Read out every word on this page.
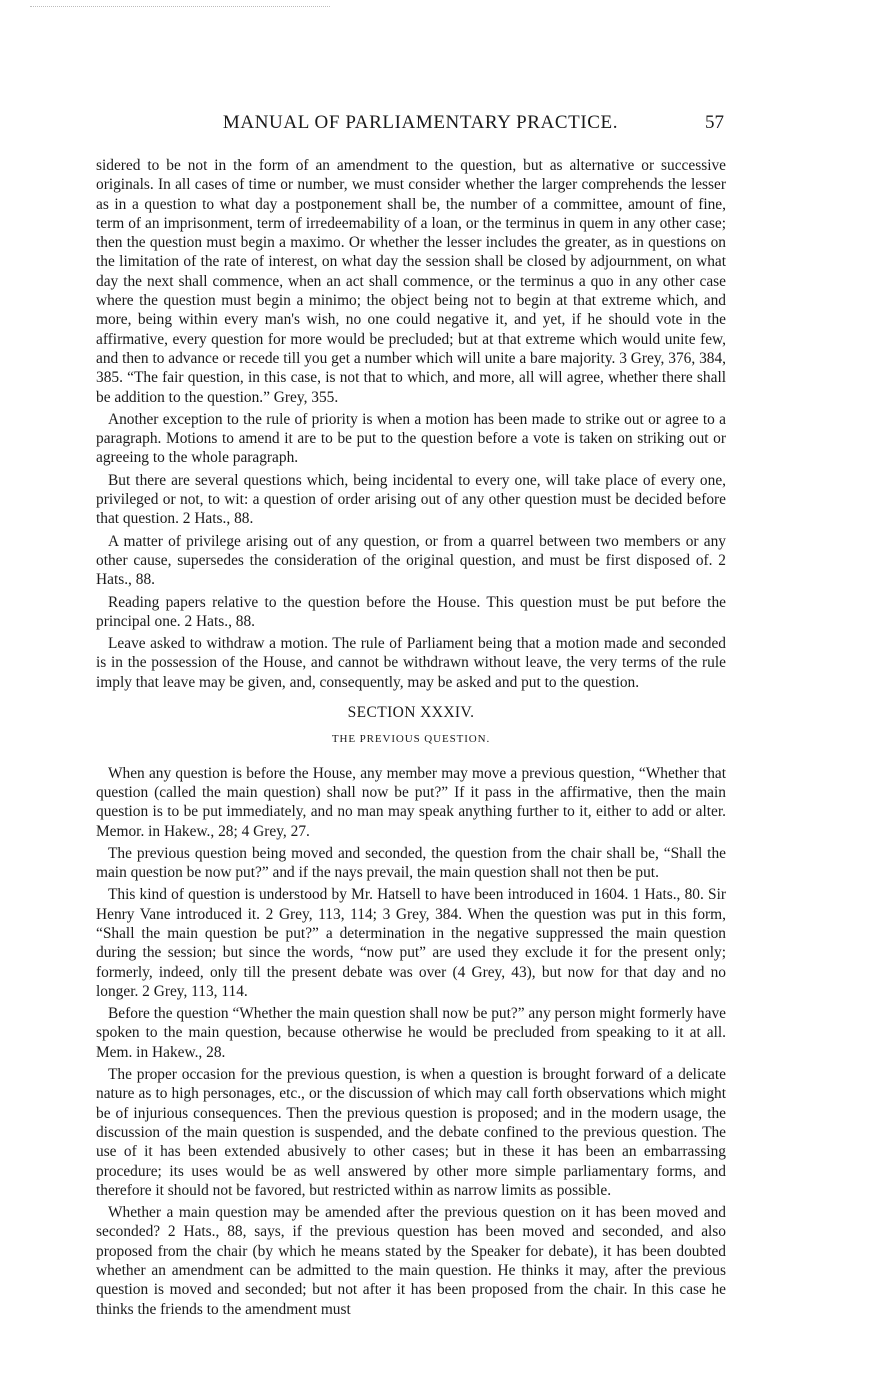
MANUAL OF PARLIAMENTARY PRACTICE.	57

sidered to be not in the form of an amendment to the question, but as alternative or successive originals. In all cases of time or number, we must consider whether the larger comprehends the lesser as in a question to what day a postponement shall be, the number of a committee, amount of fine, term of an imprisonment, term of irredeemability of a loan, or the terminus in quem in any other case; then the question must begin a maximo. Or whether the lesser includes the greater, as in questions on the limitation of the rate of interest, on what day the session shall be closed by adjournment, on what day the next shall commence, when an act shall commence, or the terminus a quo in any other case where the question must begin a minimo; the object being not to begin at that extreme which, and more, being within every man's wish, no one could negative it, and yet, if he should vote in the affirmative, every question for more would be precluded; but at that extreme which would unite few, and then to advance or recede till you get a number which will unite a bare majority. 3 Grey, 376, 384, 385. “The fair question, in this case, is not that to which, and more, all will agree, whether there shall be addition to the question.” Grey, 355.

Another exception to the rule of priority is when a motion has been made to strike out or agree to a paragraph. Motions to amend it are to be put to the question before a vote is taken on striking out or agreeing to the whole paragraph.

But there are several questions which, being incidental to every one, will take place of every one, privileged or not, to wit: a question of order arising out of any other question must be decided before that question. 2 Hats., 88.

A matter of privilege arising out of any question, or from a quarrel between two members or any other cause, supersedes the consideration of the original question, and must be first disposed of. 2 Hats., 88.

Reading papers relative to the question before the House. This question must be put before the principal one. 2 Hats., 88.

Leave asked to withdraw a motion. The rule of Parliament being that a motion made and seconded is in the possession of the House, and cannot be withdrawn without leave, the very terms of the rule imply that leave may be given, and, consequently, may be asked and put to the question.

SECTION XXXIV.
THE PREVIOUS QUESTION.

When any question is before the House, any member may move a previous question, “Whether that question (called the main question) shall now be put?” If it pass in the affirmative, then the main question is to be put immediately, and no man may speak anything further to it, either to add or alter. Memor. in Hakew., 28; 4 Grey, 27.

The previous question being moved and seconded, the question from the chair shall be, “Shall the main question be now put?” and if the nays prevail, the main question shall not then be put.

This kind of question is understood by Mr. Hatsell to have been introduced in 1604. 1 Hats., 80. Sir Henry Vane introduced it. 2 Grey, 113, 114; 3 Grey, 384. When the question was put in this form, “Shall the main question be put?” a determination in the negative suppressed the main question during the session; but since the words, “now put” are used they exclude it for the present only; formerly, indeed, only till the present debate was over (4 Grey, 43), but now for that day and no longer. 2 Grey, 113, 114.

Before the question “Whether the main question shall now be put?” any person might formerly have spoken to the main question, because otherwise he would be precluded from speaking to it at all. Mem. in Hakew., 28.

The proper occasion for the previous question, is when a question is brought forward of a delicate nature as to high personages, etc., or the discussion of which may call forth observations which might be of injurious consequences. Then the previous question is proposed; and in the modern usage, the discussion of the main question is suspended, and the debate confined to the previous question. The use of it has been extended abusively to other cases; but in these it has been an embarrassing procedure; its uses would be as well answered by other more simple parliamentary forms, and therefore it should not be favored, but restricted within as narrow limits as possible.

Whether a main question may be amended after the previous question on it has been moved and seconded? 2 Hats., 88, says, if the previous question has been moved and seconded, and also proposed from the chair (by which he means stated by the Speaker for debate), it has been doubted whether an amendment can be admitted to the main question. He thinks it may, after the previous question is moved and seconded; but not after it has been proposed from the chair. In this case he thinks the friends to the amendment must
